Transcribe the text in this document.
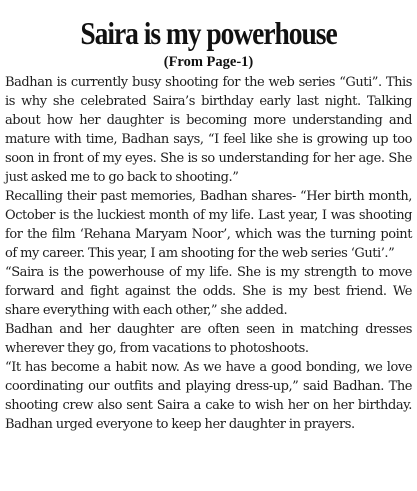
Saira is my powerhouse
(From Page-1)

Badhan is currently busy shooting for the web series “Guti”. This is why she celebrated Saira’s birthday early last night. Talking about how her daughter is becoming more understanding and mature with time, Badhan says, “I feel like she is growing up too soon in front of my eyes. She is so understanding for her age. She just asked me to go back to shooting.”

Recalling their past memories, Badhan shares- “Her birth month, October is the luckiest month of my life. Last year, I was shooting for the film ‘Rehana Maryam Noor’, which was the turning point of my career. This year, I am shooting for the web series ‘Guti’.”

“Saira is the powerhouse of my life. She is my strength to move forward and fight against the odds. She is my best friend. We share everything with each other,” she added.

Badhan and her daughter are often seen in matching dresses wherever they go, from vacations to photoshoots.

“It has become a habit now. As we have a good bonding, we love coordinating our outfits and playing dress-up,” said Badhan. The shooting crew also sent Saira a cake to wish her on her birthday. Badhan urged everyone to keep her daughter in prayers.
